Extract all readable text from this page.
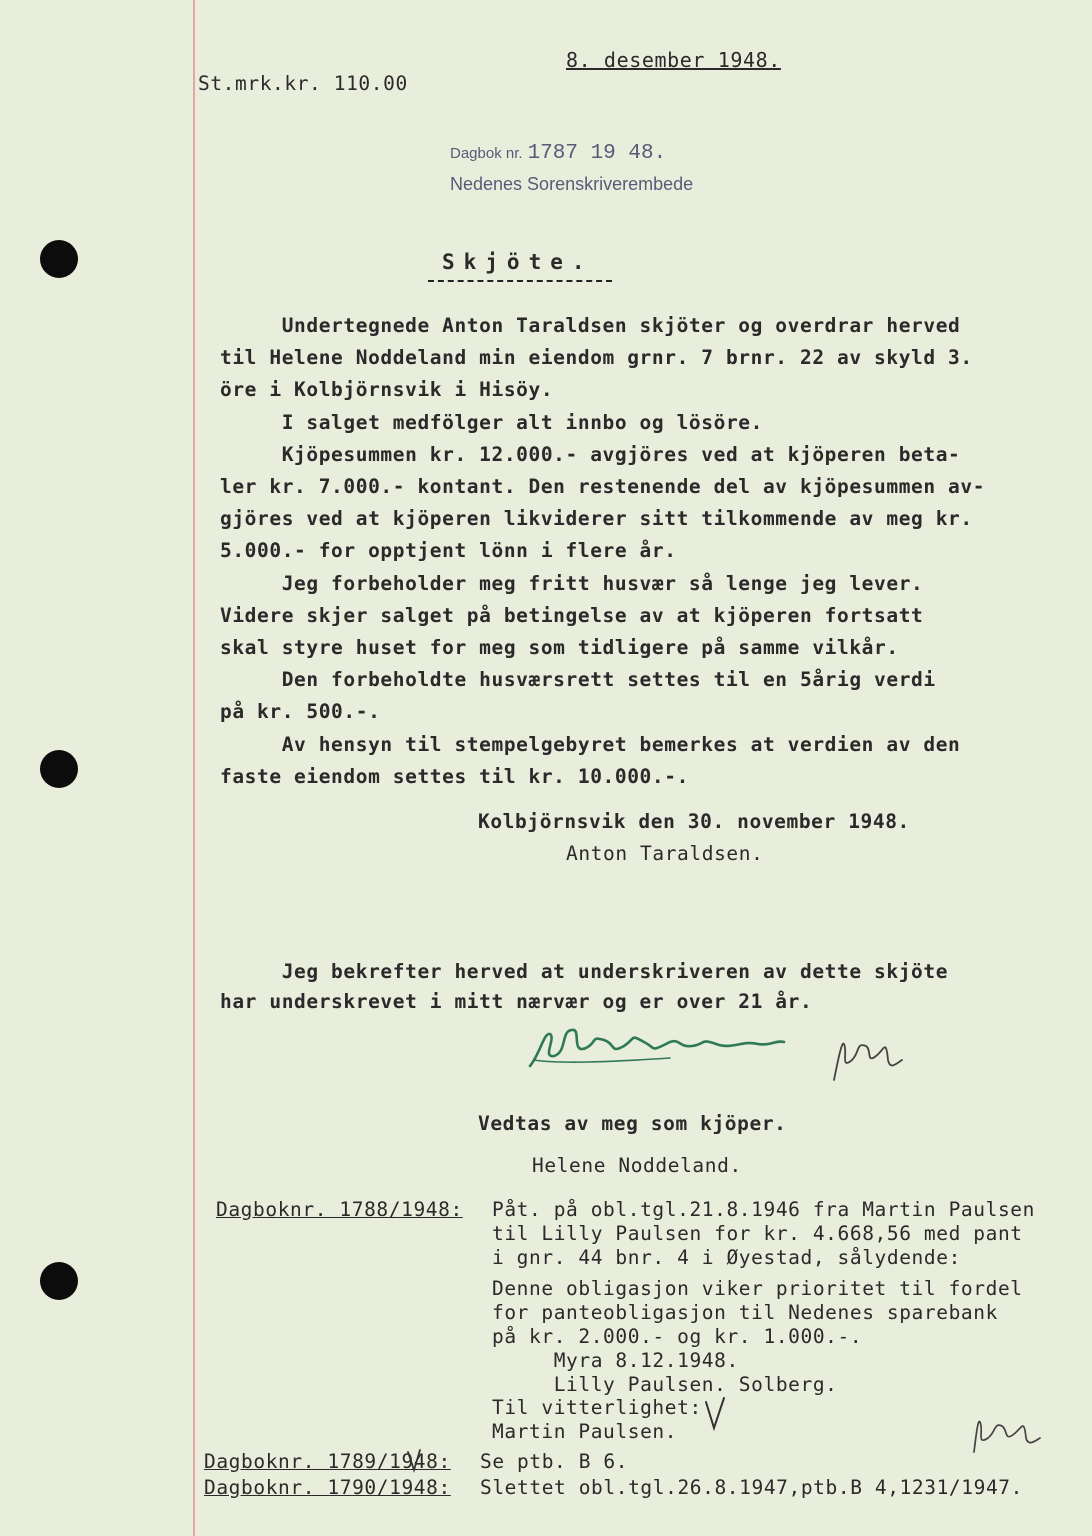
8. desember 1948.
St.mrk.kr. 110.00
Dagbok nr. 1787 19 48.
Nedenes Sorenskriverembede
Skjöte.
Undertegnede Anton Taraldsen skjöter og overdrar herved
til Helene Noddeland min eiendom grnr. 7 brnr. 22 av skyld 3.
öre i Kolbjörnsvik i Hisöy.
I salget medfölger alt innbo og lösöre.
Kjöpesummen kr. 12.000.- avgjöres ved at kjöperen beta-
ler kr. 7.000.- kontant. Den restenende del av kjöpesummen av-
gjöres ved at kjöperen likviderer sitt tilkommende av meg kr.
5.000.- for opptjent lönn i flere år.
Jeg forbeholder meg fritt husvær så lenge jeg lever.
Videre skjer salget på betingelse av at kjöperen fortsatt
skal styre huset for meg som tidligere på samme vilkår.
Den forbeholdte husværsrett settes til en 5årig verdi
på kr. 500.-.
Av hensyn til stempelgebyret bemerkes at verdien av den
faste eiendom settes til kr. 10.000.-.
Kolbjörnsvik den 30. november 1948.
Anton Taraldsen.
Jeg bekrefter herved at underskriveren av dette skjöte
har underskrevet i mitt nærvær og er over 21 år.
Vedtas av meg som kjöper.
Helene Noddeland.
Dagboknr. 1788/1948: Påt. på obl.tgl.21.8.1946 fra Martin Paulsen
til Lilly Paulsen for kr. 4.668,56 med pant
i gnr. 44 bnr. 4 i Øyestad, sålydende:
Denne obligasjon viker prioritet til fordel
for panteobligasjon til Nedenes sparebank
på kr. 2.000.- og kr. 1.000.-.
Myra 8.12.1948.
Lilly Paulsen. Solberg.
Til vitterlighet:
Martin Paulsen.
Dagboknr. 1789/1948: Se ptb. B 6.
Dagboknr. 1790/1948: Slettet obl.tgl.26.8.1947,ptb.B 4,1231/1947.
